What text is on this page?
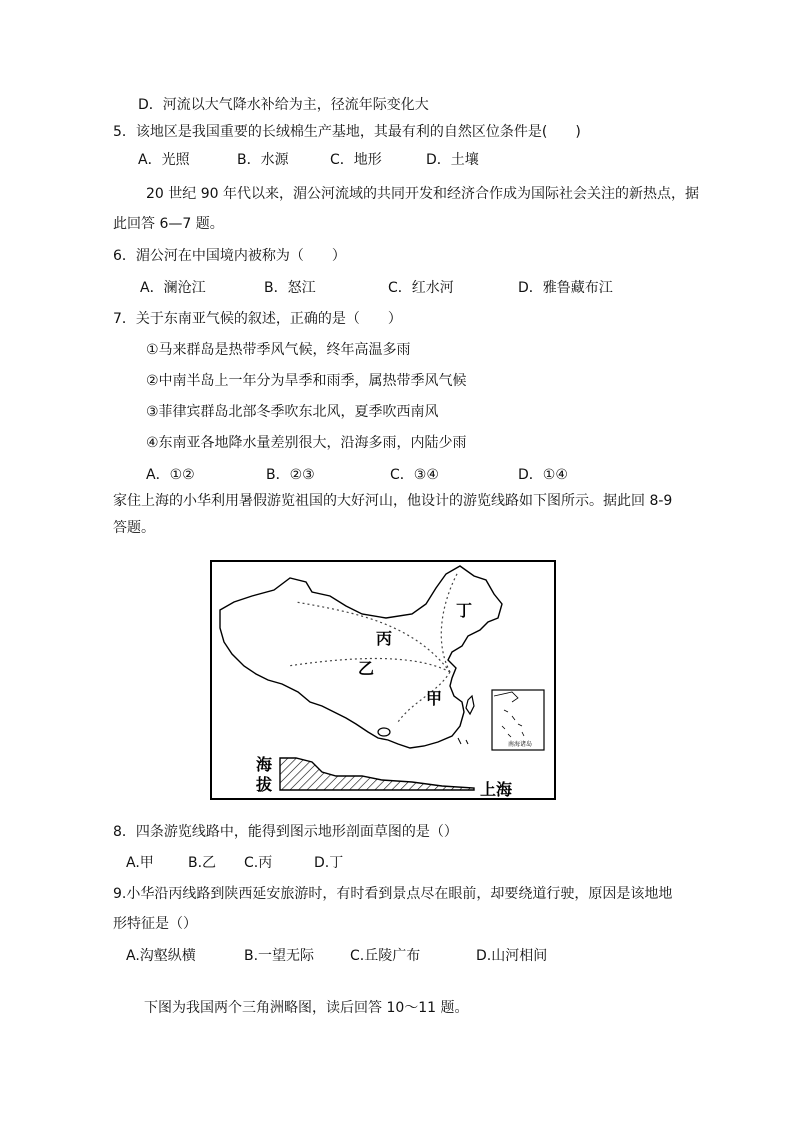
D．河流以大气降水补给为主，径流年际变化大
5．该地区是我国重要的长绒棉生产基地，其最有利的自然区位条件是(　　)
A．光照	B．水源	C．地形	D．土壤
20 世纪 90 年代以来，湄公河流域的共同开发和经济合作成为国际社会关注的新热点，据
此回答 6—7 题。
6．湄公河在中国境内被称为（　　）
A．澜沧江	B．怒江	C．红水河	D．雅鲁藏布江
7．关于东南亚气候的叙述，正确的是（　　）
①马来群岛是热带季风气候，终年高温多雨
②中南半岛上一年分为旱季和雨季，属热带季风气候
③菲律宾群岛北部冬季吹东北风，夏季吹西南风
④东南亚各地降水量差别很大，沿海多雨，内陆少雨
A．①②	B．②③	C．③④	D．①④
家住上海的小华利用暑假游览祖国的大好河山，他设计的游览线路如下图所示。据此回 8-9
答题。
丁
丙
乙
甲
南海诸岛
海
拔	上海
8．四条游览线路中，能得到图示地形剖面草图的是（）
A.甲 B.乙 C.丙	D.丁
9.小华沿丙线路到陕西延安旅游时，有时看到景点尽在眼前，却要绕道行驶，原因是该地地
形特征是（）
A.沟壑纵横	B.一望无际	C.丘陵广布	D.山河相间
下图为我国两个三角洲略图，读后回答 10～11 题。
